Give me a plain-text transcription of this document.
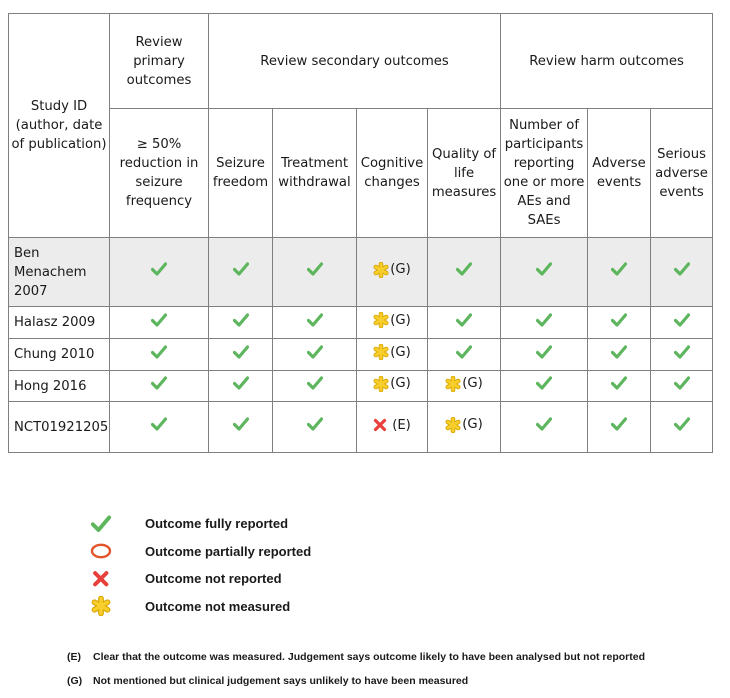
Study ID (author, date of publication)	Review primary outcomes	Review secondary outcomes				Review harm outcomes		
	≥ 50% reduction in seizure frequency	Seizure freedom	Treatment withdrawal	Cognitive changes	Quality of life measures	Number of participants reporting one or more AEs and SAEs	Adverse events	Serious adverse events
Ben Menachem 2007				(G)

Halasz 2009				(G)

Chung 2010				(G)

Hong 2016				(G)	(G)

NCT01921205				(E)	(G)

Outcome fully reported
Outcome partially reported
Outcome not reported
Outcome not measured
(E) Clear that the outcome was measured. Judgement says outcome likely to have been analysed but not reported
(G) Not mentioned but clinical judgement says unlikely to have been measured
